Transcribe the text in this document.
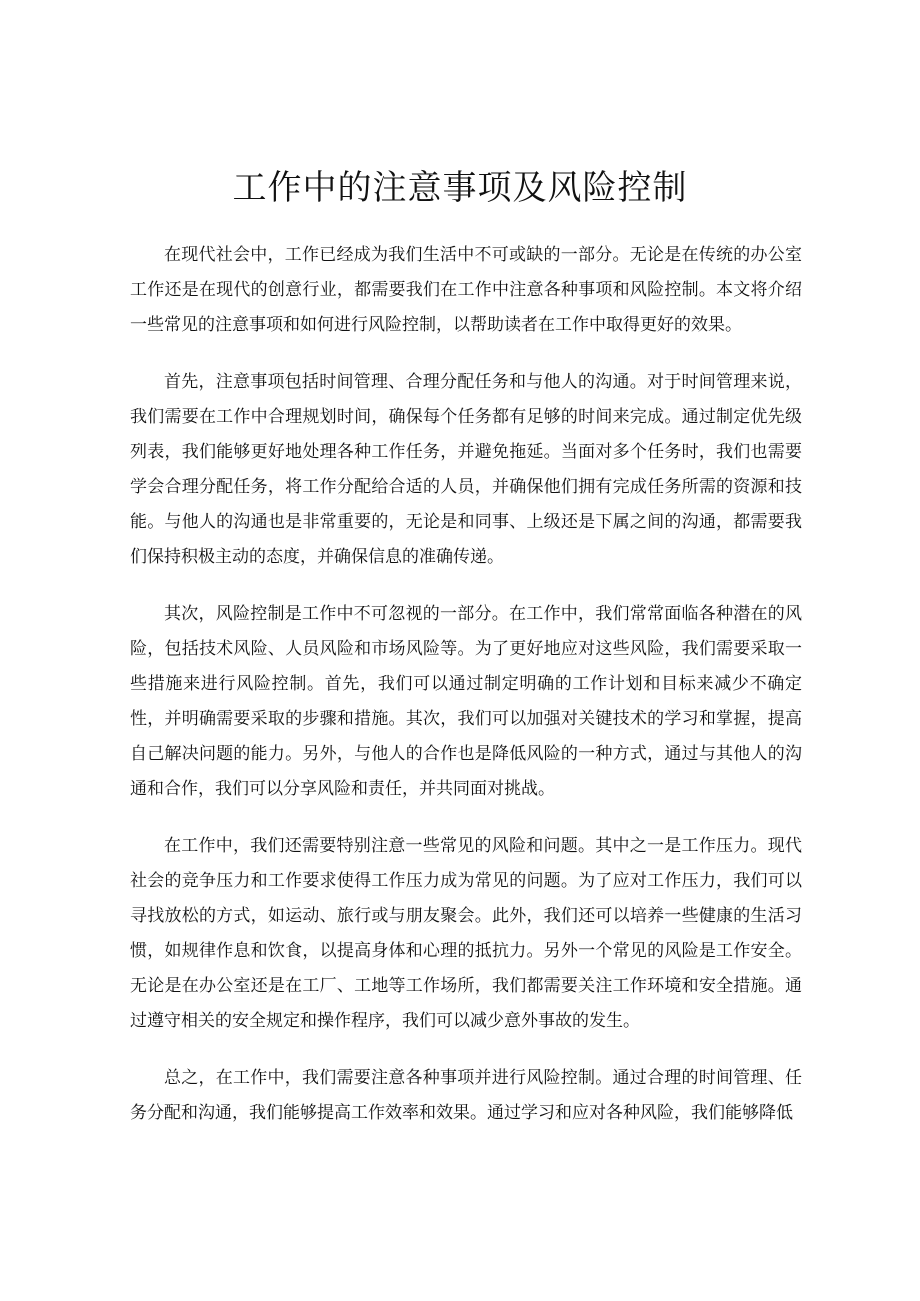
工作中的注意事项及风险控制

在现代社会中，工作已经成为我们生活中不可或缺的一部分。无论是在传统的办公室工作还是在现代的创意行业，都需要我们在工作中注意各种事项和风险控制。本文将介绍一些常见的注意事项和如何进行风险控制，以帮助读者在工作中取得更好的效果。

首先，注意事项包括时间管理、合理分配任务和与他人的沟通。对于时间管理来说，我们需要在工作中合理规划时间，确保每个任务都有足够的时间来完成。通过制定优先级列表，我们能够更好地处理各种工作任务，并避免拖延。当面对多个任务时，我们也需要学会合理分配任务，将工作分配给合适的人员，并确保他们拥有完成任务所需的资源和技能。与他人的沟通也是非常重要的，无论是和同事、上级还是下属之间的沟通，都需要我们保持积极主动的态度，并确保信息的准确传递。

其次，风险控制是工作中不可忽视的一部分。在工作中，我们常常面临各种潜在的风险，包括技术风险、人员风险和市场风险等。为了更好地应对这些风险，我们需要采取一些措施来进行风险控制。首先，我们可以通过制定明确的工作计划和目标来减少不确定性，并明确需要采取的步骤和措施。其次，我们可以加强对关键技术的学习和掌握，提高自己解决问题的能力。另外，与他人的合作也是降低风险的一种方式，通过与其他人的沟通和合作，我们可以分享风险和责任，并共同面对挑战。

在工作中，我们还需要特别注意一些常见的风险和问题。其中之一是工作压力。现代社会的竞争压力和工作要求使得工作压力成为常见的问题。为了应对工作压力，我们可以寻找放松的方式，如运动、旅行或与朋友聚会。此外，我们还可以培养一些健康的生活习惯，如规律作息和饮食，以提高身体和心理的抵抗力。另外一个常见的风险是工作安全。无论是在办公室还是在工厂、工地等工作场所，我们都需要关注工作环境和安全措施。通过遵守相关的安全规定和操作程序，我们可以减少意外事故的发生。

总之，在工作中，我们需要注意各种事项并进行风险控制。通过合理的时间管理、任务分配和沟通，我们能够提高工作效率和效果。通过学习和应对各种风险，我们能够降低
